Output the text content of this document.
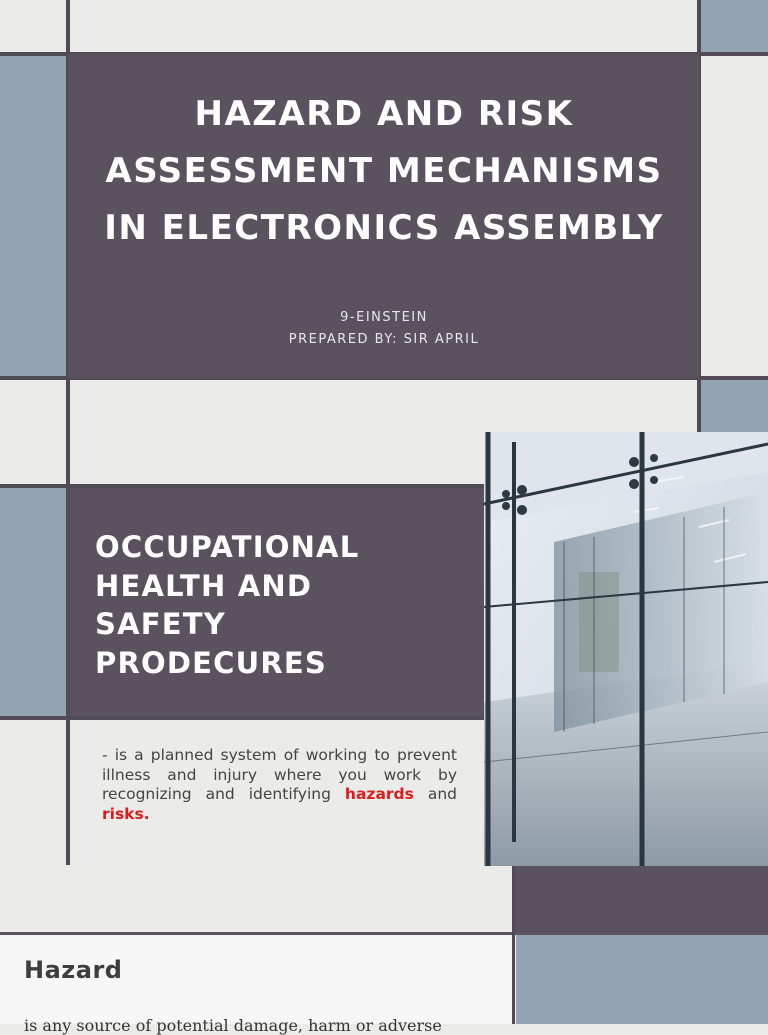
HAZARD AND RISK
ASSESSMENT MECHANISMS
IN ELECTRONICS ASSEMBLY
9-EINSTEIN
PREPARED BY: SIR APRIL
OCCUPATIONAL
HEALTH AND
SAFETY
PRODECURES

- is a planned system of working to prevent illness and injury where you work by recognizing and identifying hazards and risks.

Hazard
is any source of potential damage, harm or adverse
